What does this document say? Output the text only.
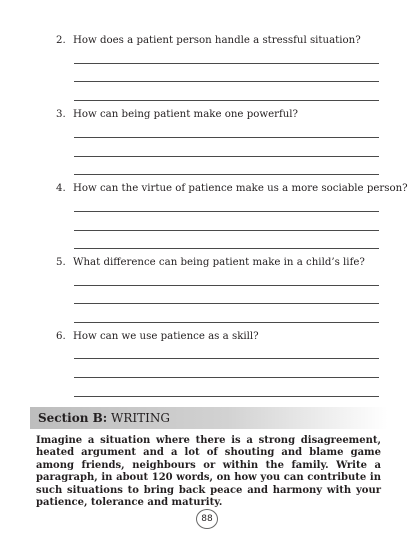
2. How does a patient person handle a stressful situation?
3. How can being patient make one powerful?
4. How can the virtue of patience make us a more sociable person?
5. What difference can being patient make in a child’s life?
6. How can we use patience as a skill?
Section B: WRITING
Imagine a situation where there is a strong disagreement, heated argument and a lot of shouting and blame game among friends, neighbours or within the family. Write a paragraph, in about 120 words, on how you can contribute in such situations to bring back peace and harmony with your patience, tolerance and maturity.
88
